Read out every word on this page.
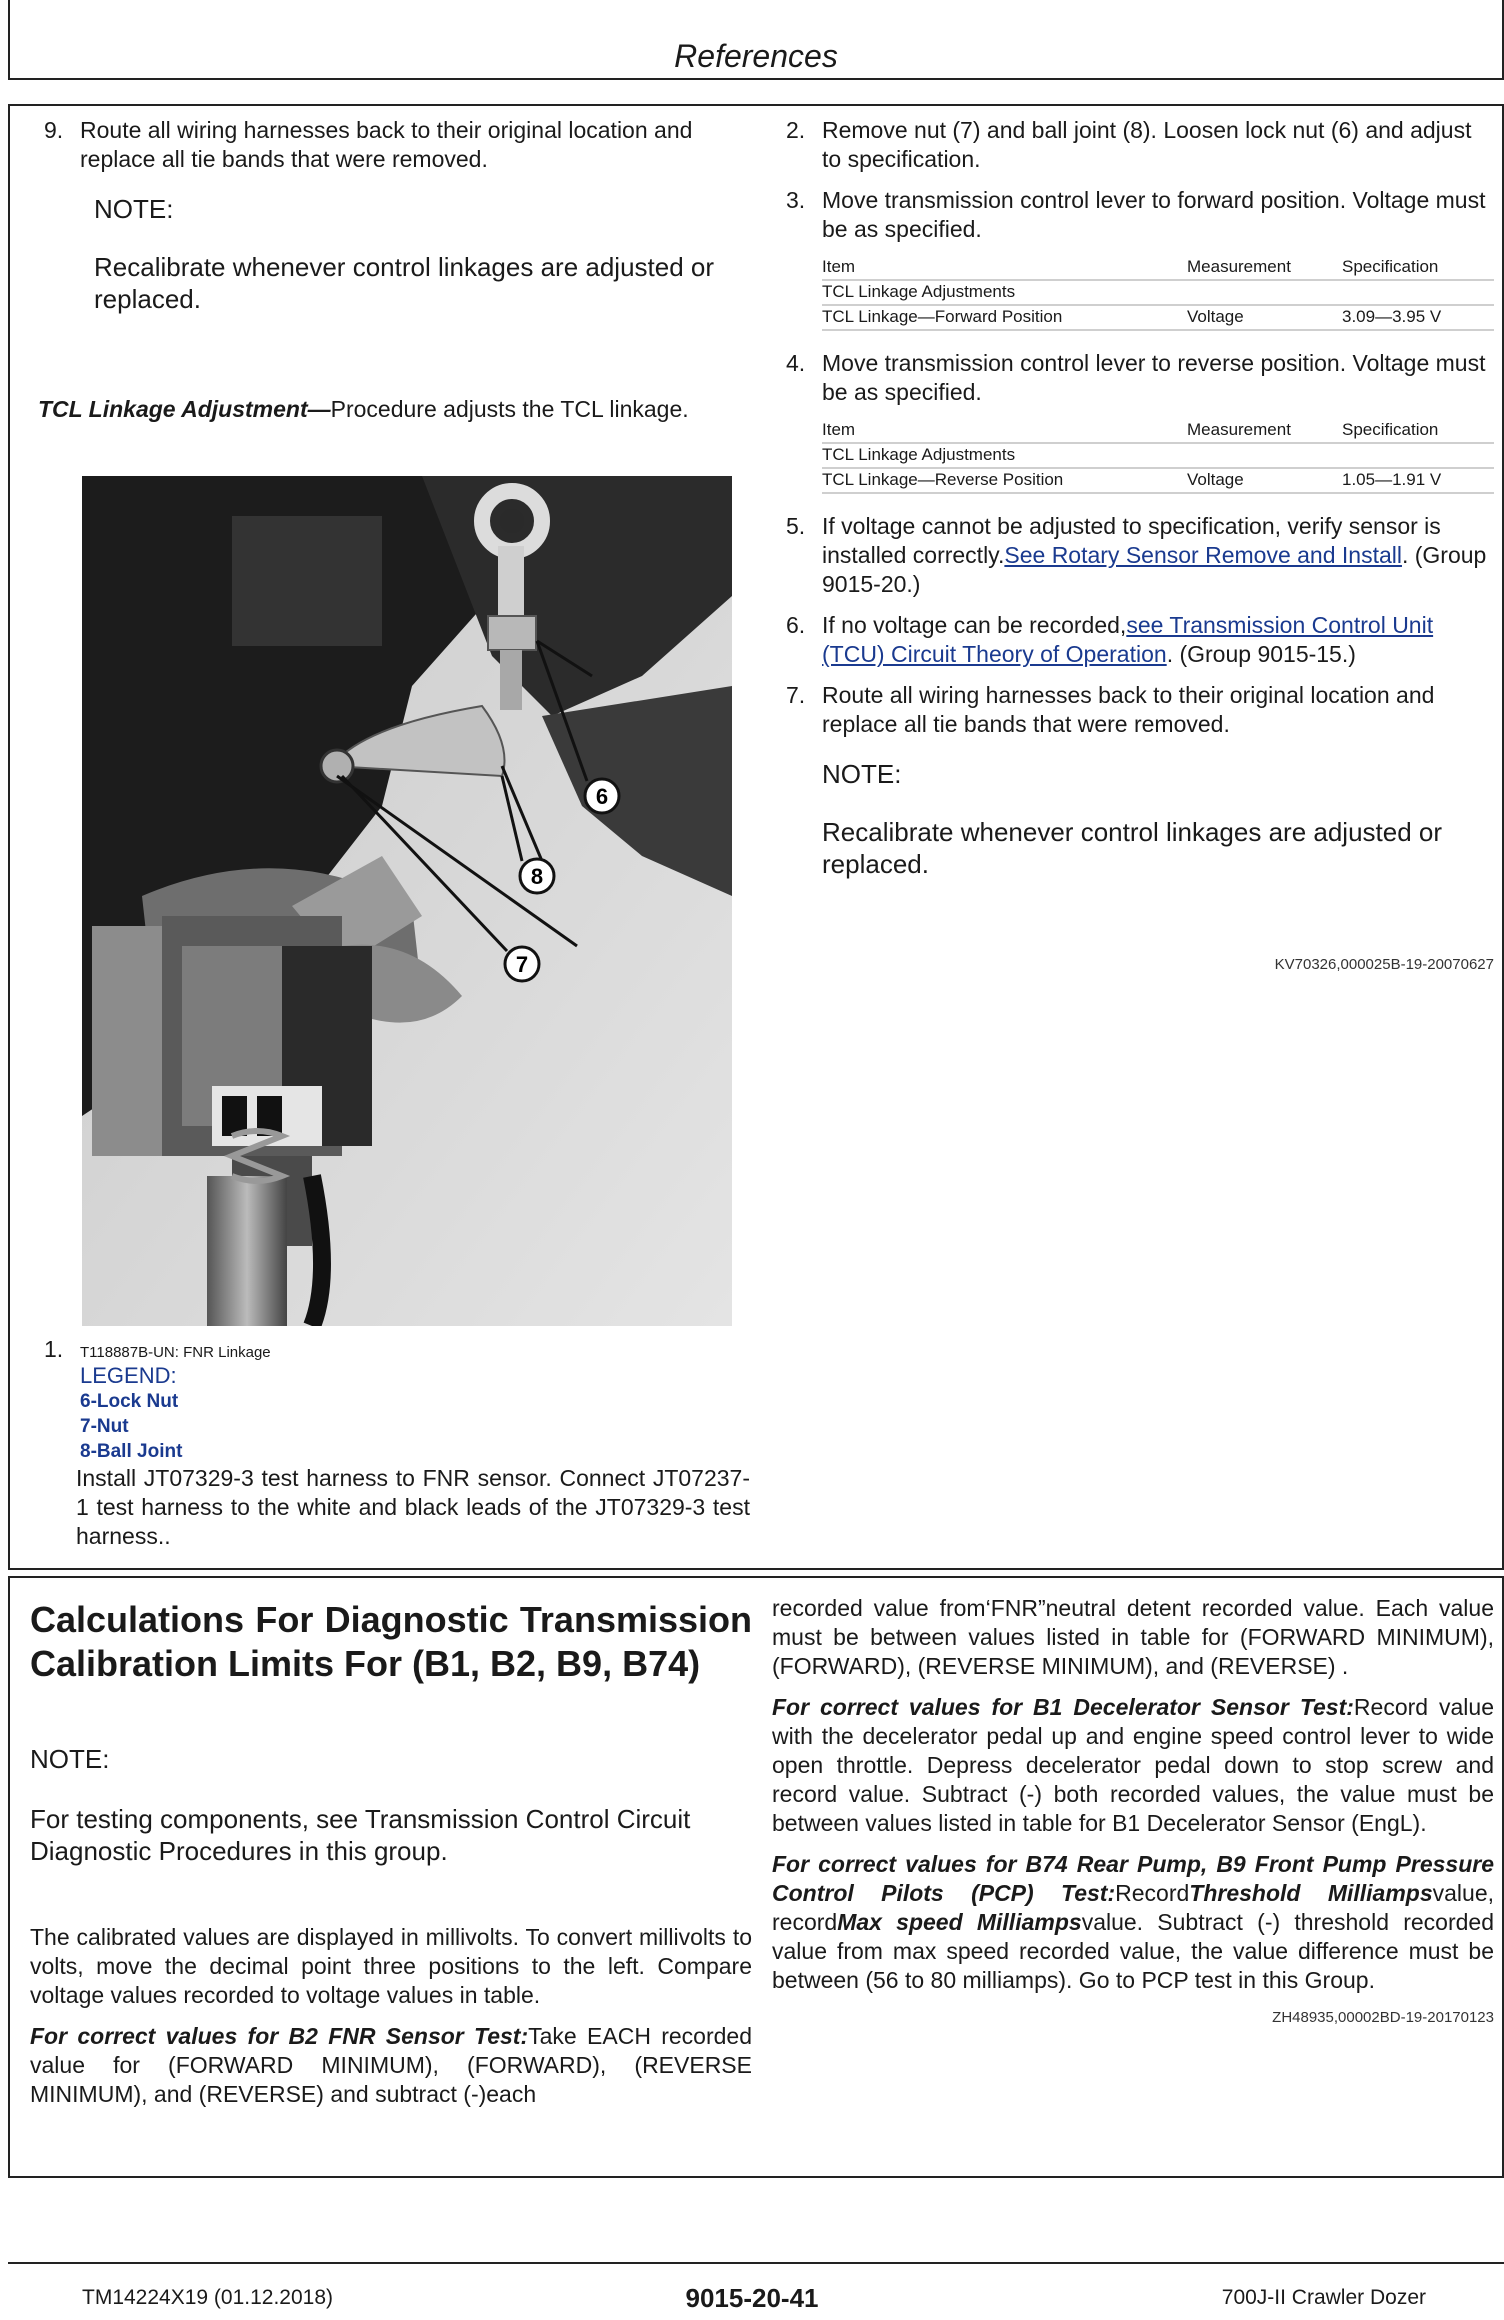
References
9. Route all wiring harnesses back to their original location and replace all tie bands that were removed.
NOTE:
Recalibrate whenever control linkages are adjusted or replaced.
TCL Linkage Adjustment—Procedure adjusts the TCL linkage.
6
8
7
1.	T118887B-UN: FNR Linkage
LEGEND:
6-Lock Nut
7-Nut
8-Ball Joint
Install JT07329-3 test harness to FNR sensor. Connect JT07237-1 test harness to the white and black leads of the JT07329-3 test harness..
2. Remove nut (7) and ball joint (8). Loosen lock nut (6) and adjust to specification.
3. Move transmission control lever to forward position. Voltage must be as specified.
Item	Measurement	Specification
TCL Linkage Adjustments		
TCL Linkage—Forward Position	Voltage	3.09—3.95 V
4. Move transmission control lever to reverse position. Voltage must be as specified.
Item	Measurement	Specification
TCL Linkage Adjustments		
TCL Linkage—Reverse Position	Voltage	1.05—1.91 V
5. If voltage cannot be adjusted to specification, verify sensor is installed correctly.See Rotary Sensor Remove and Install. (Group 9015-20.)
6. If no voltage can be recorded,see Transmission Control Unit (TCU) Circuit Theory of Operation. (Group 9015-15.)
7. Route all wiring harnesses back to their original location and replace all tie bands that were removed.
NOTE:
Recalibrate whenever control linkages are adjusted or replaced.
KV70326,000025B-19-20070627
Calculations For Diagnostic Transmission Calibration Limits For (B1, B2, B9, B74)
NOTE:
For testing components, see Transmission Control Circuit Diagnostic Procedures in this group.
The calibrated values are displayed in millivolts. To convert millivolts to volts, move the decimal point three positions to the left. Compare voltage values recorded to voltage values in table.
For correct values for B2 FNR Sensor Test:Take EACH recorded value for (FORWARD MINIMUM), (FORWARD), (REVERSE MINIMUM), and (REVERSE) and subtract (-)each
recorded value from‘FNR”neutral detent recorded value. Each value must be between values listed in table for (FORWARD MINIMUM), (FORWARD), (REVERSE MINIMUM), and (REVERSE) .
For correct values for B1 Decelerator Sensor Test:Record value with the decelerator pedal up and engine speed control lever to wide open throttle. Depress decelerator pedal down to stop screw and record value. Subtract (-) both recorded values, the value must be between values listed in table for B1 Decelerator Sensor (EngL).
For correct values for B74 Rear Pump, B9 Front Pump Pressure Control Pilots (PCP) Test:RecordThreshold Milliampsvalue, recordMax speed Milliampsvalue. Subtract (-) threshold recorded value from max speed recorded value, the value difference must be between (56 to 80 milliamps). Go to PCP test in this Group.
ZH48935,00002BD-19-20170123
TM14224X19 (01.12.2018)	9015-20-41	700J-II Crawler Dozer
